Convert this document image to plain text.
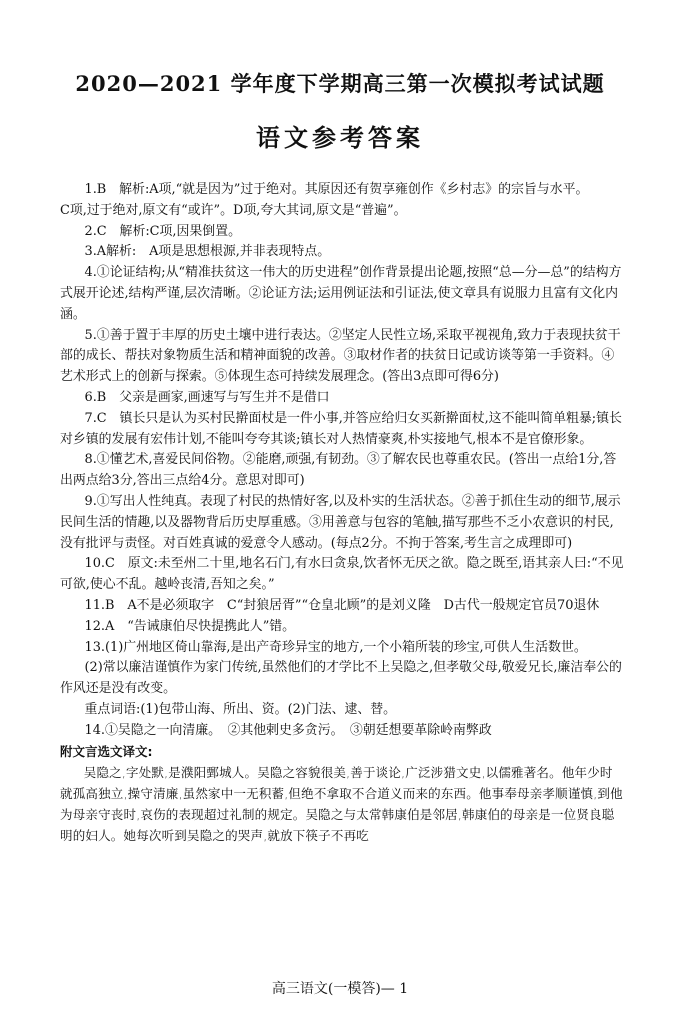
2020—2021 学年度下学期高三第一次模拟考试试题
语文参考答案
1.B　解析:A项,“就是因为”过于绝对。其原因还有贺享雍创作《乡村志》的宗旨与水平。
C项,过于绝对,原文有“或许”。D项,夸大其词,原文是“普遍”。
2.C　解析:C项,因果倒置。
3.A解析:　A项是思想根源,并非表现特点。
4.①论证结构;从“精准扶贫这一伟大的历史进程”创作背景提出论题,按照“总—分—总”的结构方式展开论述,结构严谨,层次清晰。②论证方法;运用例证法和引证法,使文章具有说服力且富有文化内涵。
5.①善于置于丰厚的历史土壤中进行表达。②坚定人民性立场,采取平视视角,致力于表现扶贫干部的成长、帮扶对象物质生活和精神面貌的改善。③取材作者的扶贫日记或访谈等第一手资料。④艺术形式上的创新与探索。⑤体现生态可持续发展理念。(答出3点即可得6分)
6.B　父亲是画家,画速写与写生并不是借口
7.C　镇长只是认为买村民擀面杖是一件小事,并答应给归女买新擀面杖,这不能叫简单粗暴;镇长对乡镇的发展有宏伟计划,不能叫夸夸其谈;镇长对人热情豪爽,朴实接地气,根本不是官僚形象。
8.①懂艺术,喜爱民间俗物。②能磨,顽强,有韧劲。③了解农民也尊重农民。(答出一点给1分,答出两点给3分,答出三点给4分。意思对即可)
9.①写出人性纯真。表现了村民的热情好客,以及朴实的生活状态。②善于抓住生动的细节,展示民间生活的情趣,以及器物背后历史厚重感。③用善意与包容的笔触,描写那些不乏小农意识的村民,没有批评与责怪。对百姓真诚的爱意令人感动。(每点2分。不拘于答案,考生言之成理即可)
10.C　原文:未至州二十里,地名石门,有水曰贪泉,饮者怀无厌之欲。隐之既至,语其亲人曰:“不见可欲,使心不乱。越岭丧清,吾知之矣。”
11.B　A不是必须取字　C“封狼居胥”“仓皇北顾”的是刘义隆　D古代一般规定官员70退休
12.A　“告诫康伯尽快提携此人”错。
13.(1)广州地区倚山靠海,是出产奇珍异宝的地方,一个小箱所装的珍宝,可供人生活数世。
(2)常以廉洁谨慎作为家门传统,虽然他们的才学比不上吴隐之,但孝敬父母,敬爱兄长,廉洁奉公的作风还是没有改变。
重点词语:(1)包带山海、所出、资。(2)门法、逮、替。
14.①吴隐之一向清廉。　②其他剌史多贪污。　③朝廷想要革除岭南弊政
附文言选文译文:
吴隐之,字处默,是濮阳鄄城人。吴隐之容貌很美,善于谈论,广泛涉猎文史,以儒雅著名。他年少时就孤高独立,操守清廉,虽然家中一无积蓄,但绝不拿取不合道义而来的东西。他事奉母亲孝顺谨慎,到他为母亲守丧时,哀伤的表现超过礼制的规定。吴隐之与太常韩康伯是邻居,韩康伯的母亲是一位贤良聪明的妇人。她每次听到吴隐之的哭声,就放下筷子不再吃
高三语文(一模答)— 1
